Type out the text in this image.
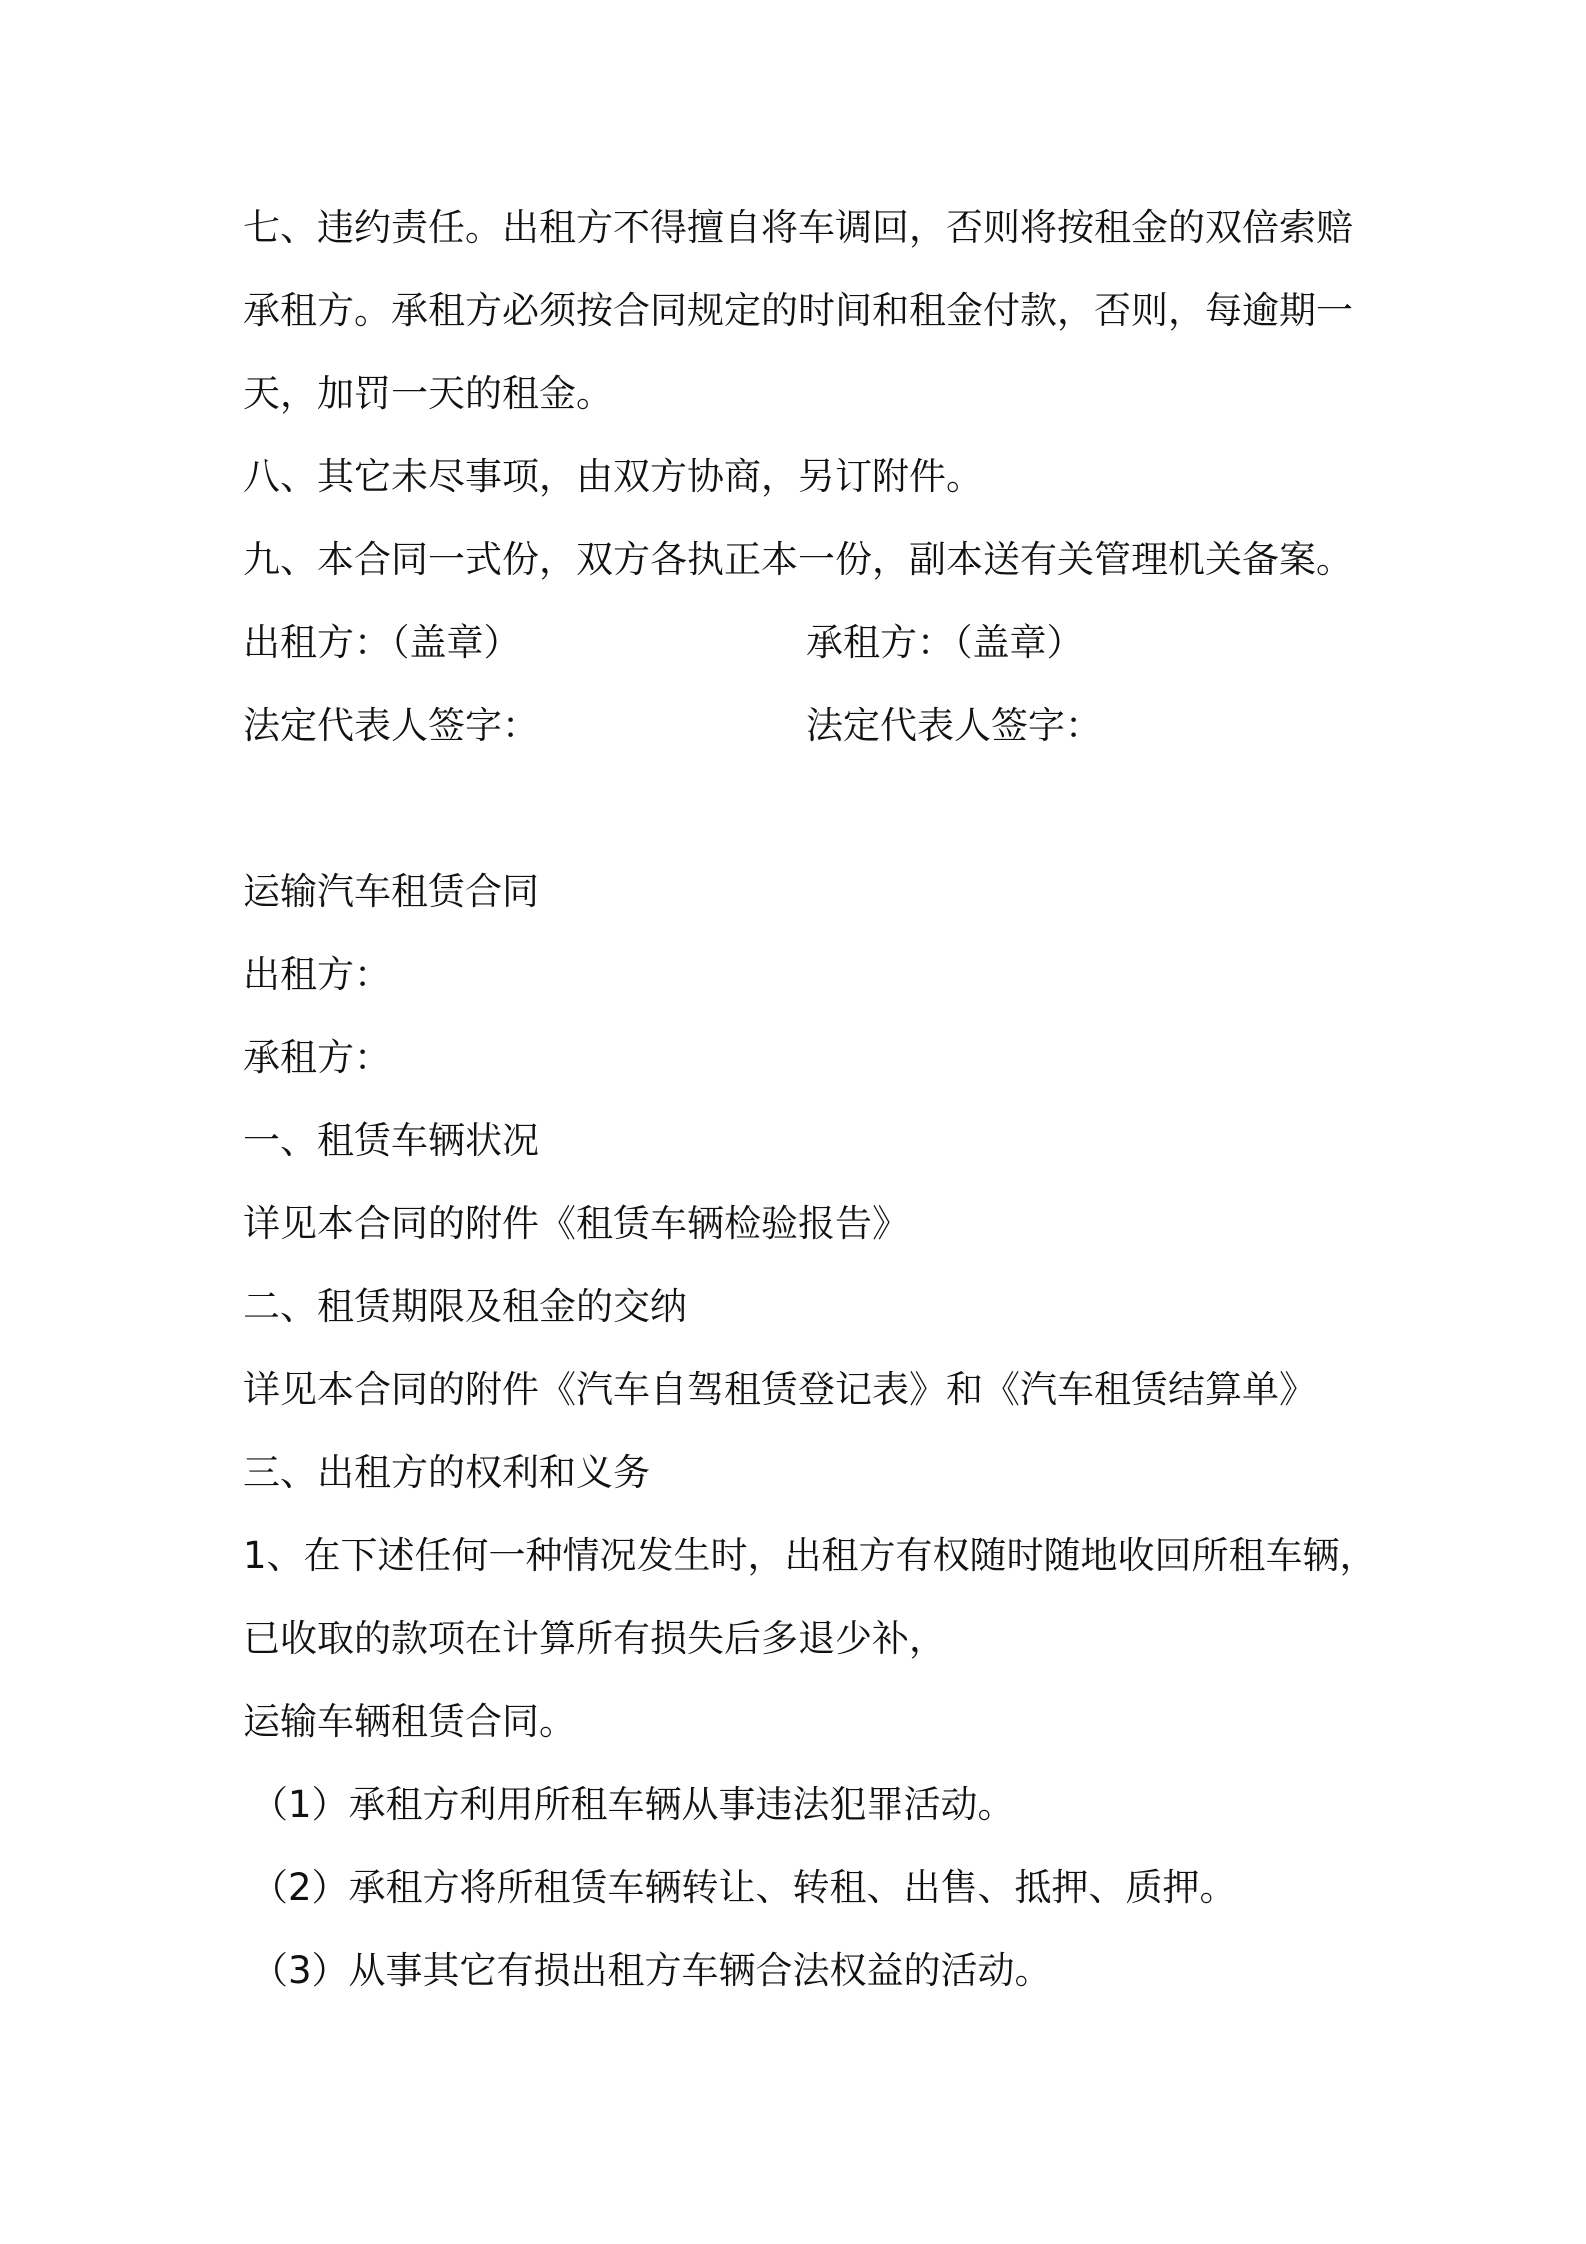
七、违约责任。出租方不得擅自将车调回，否则将按租金的双倍索赔
承租方。承租方必须按合同规定的时间和租金付款，否则，每逾期一
天，加罚一天的租金。
八、其它未尽事项，由双方协商，另订附件。
九、本合同一式份，双方各执正本一份，副本送有关管理机关备案。
出租方：（盖章）	承租方：（盖章）
法定代表人签字：	法定代表人签字：
运输汽车租赁合同
出租方：
承租方：
一、租赁车辆状况
详见本合同的附件《租赁车辆检验报告》
二、租赁期限及租金的交纳
详见本合同的附件《汽车自驾租赁登记表》和《汽车租赁结算单》
三、出租方的权利和义务
1、在下述任何一种情况发生时，出租方有权随时随地收回所租车辆，
已收取的款项在计算所有损失后多退少补，
运输车辆租赁合同。
（1）承租方利用所租车辆从事违法犯罪活动。
（2）承租方将所租赁车辆转让、转租、出售、抵押、质押。
（3）从事其它有损出租方车辆合法权益的活动。
